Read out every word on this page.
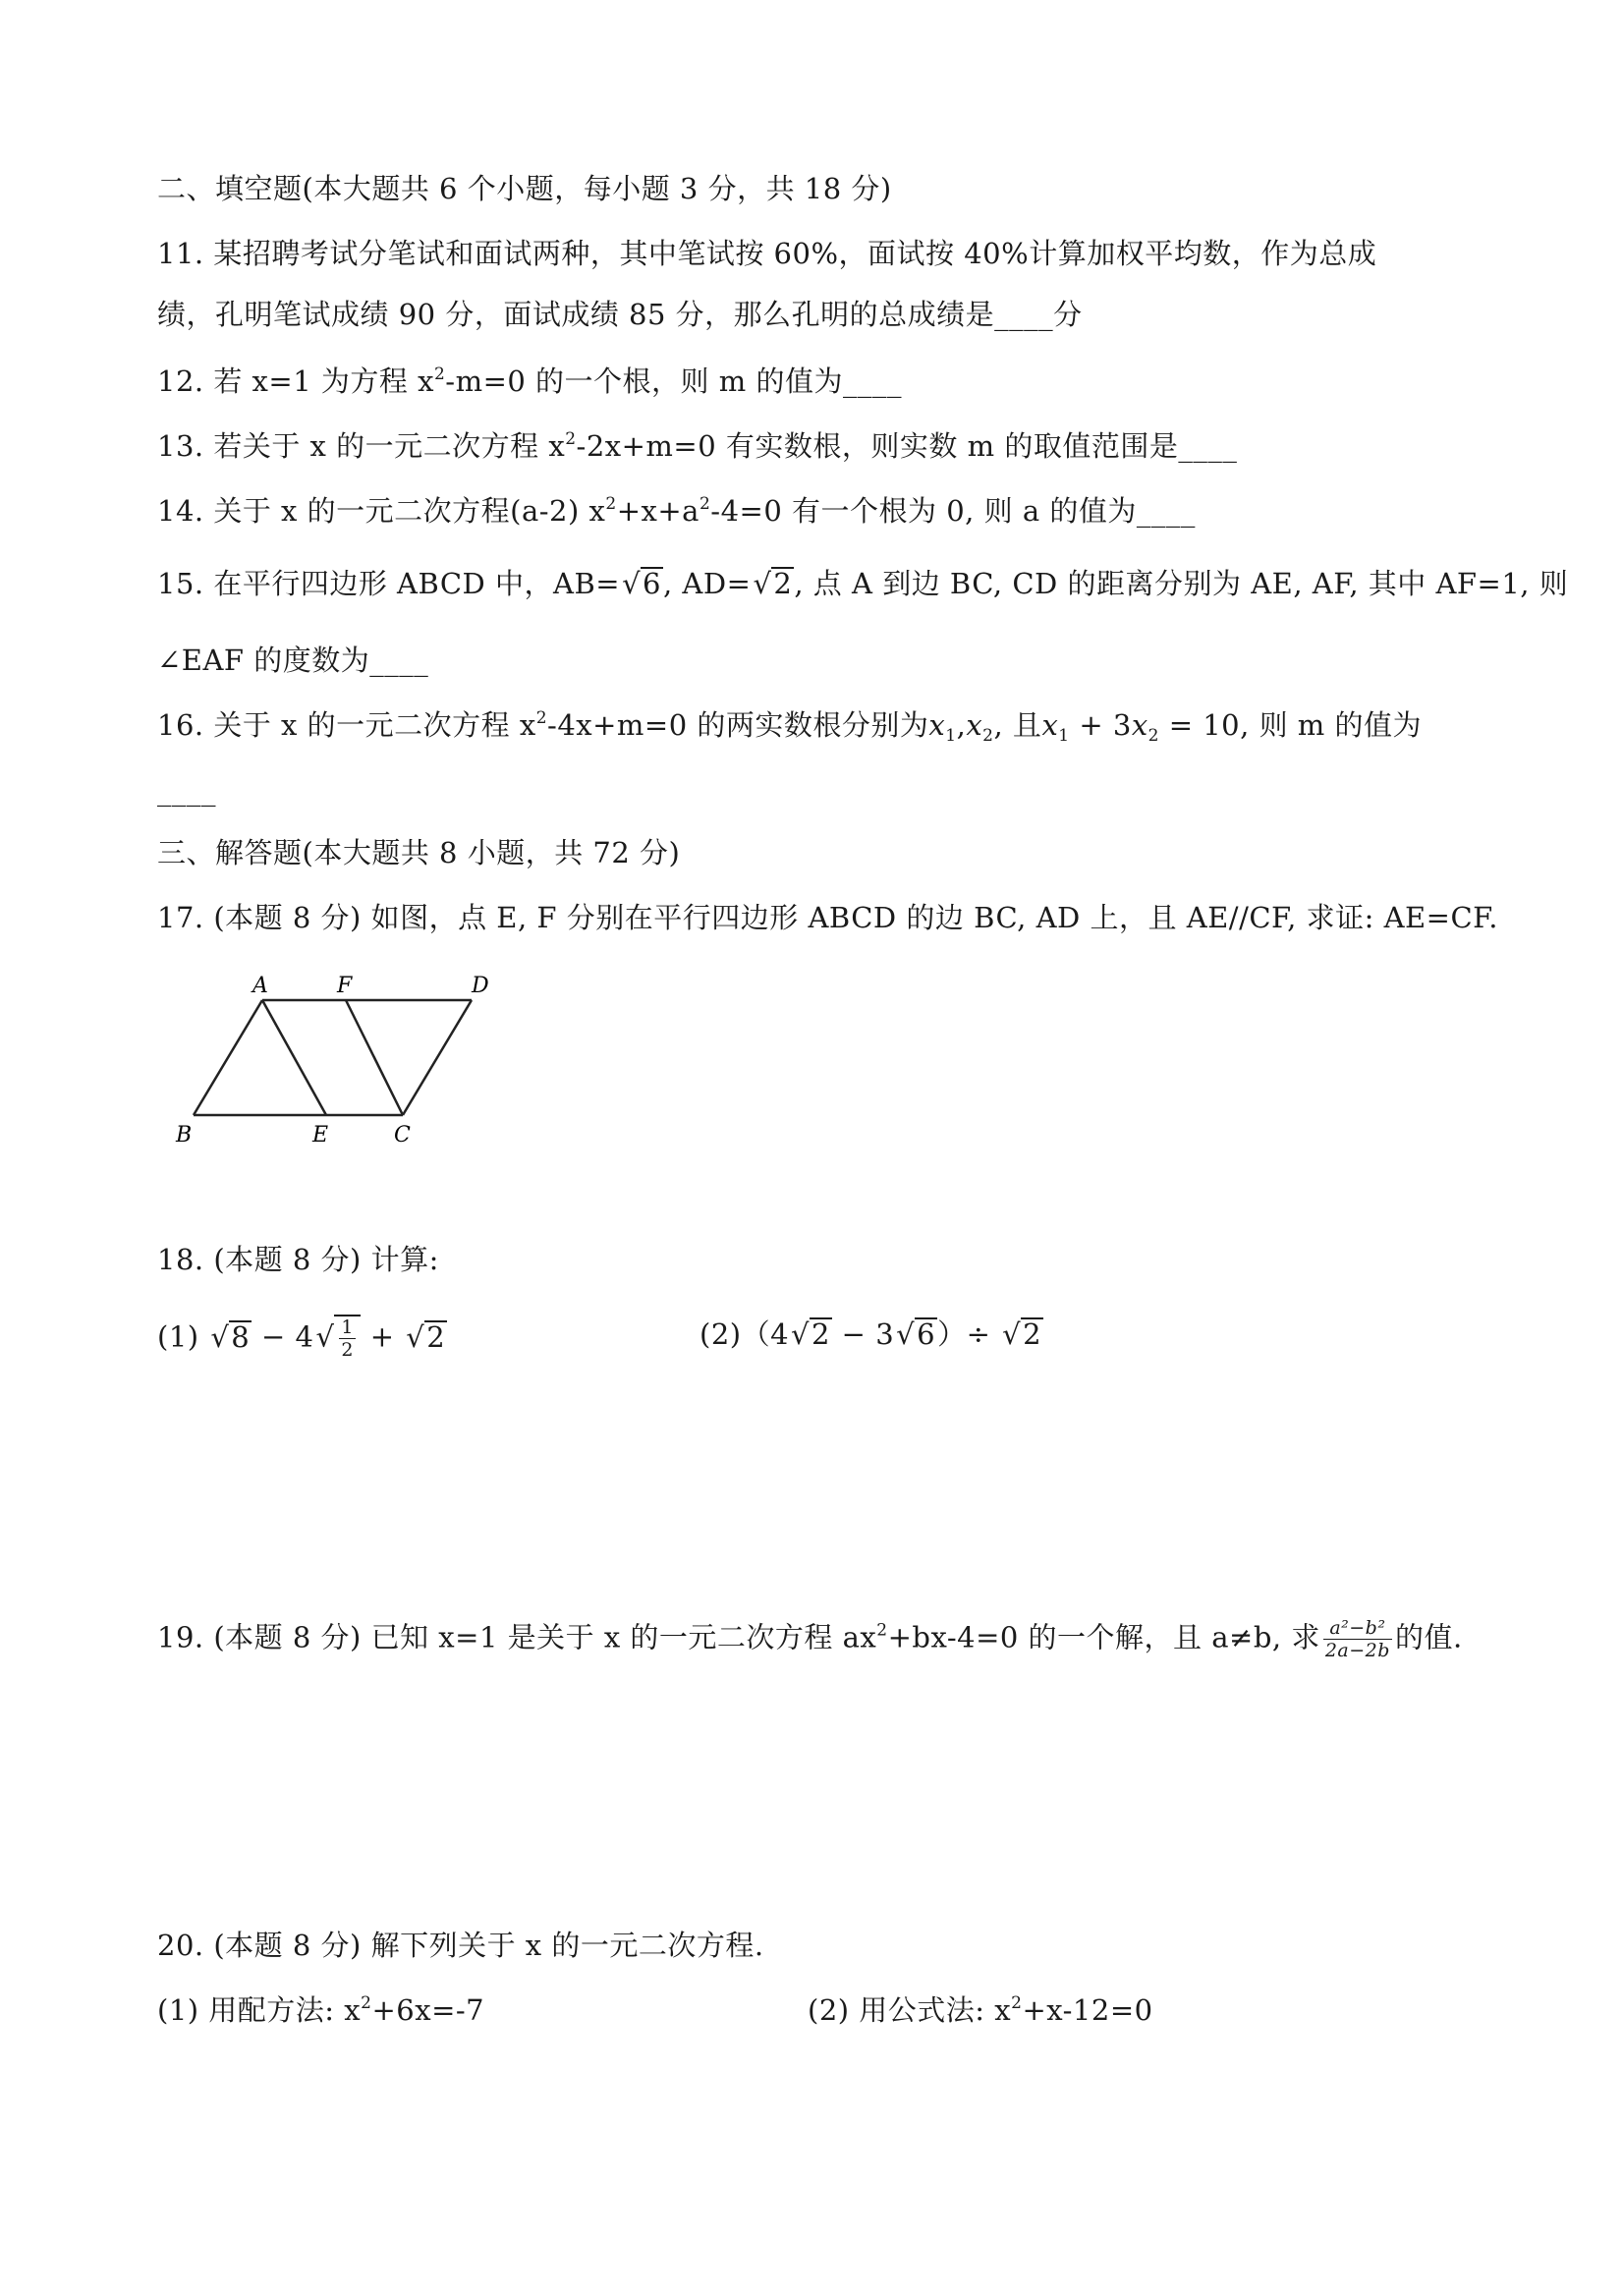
二、填空题(本大题共 6 个小题，每小题 3 分，共 18 分)
11. 某招聘考试分笔试和面试两种，其中笔试按 60%，面试按 40%计算加权平均数，作为总成
绩，孔明笔试成绩 90 分，面试成绩 85 分，那么孔明的总成绩是____分
12. 若 x=1 为方程 $x^2-m=0$ 的一个根，则 m 的值为____
13. 若关于 x 的一元二次方程 $x^2-2x+m=0$ 有实数根，则实数 m 的取值范围是____
14. 关于 x 的一元二次方程(a-2) $x^2+x+a^2-4=0$ 有一个根为 0, 则 a 的值为____
15. 在平行四边形 ABCD 中，AB=√6, AD=√2, 点 A 到边 BC, CD 的距离分别为 AE, AF, 其中 AF=1, 则
∠EAF 的度数为____
16. 关于 x 的一元二次方程 $x^2-4x+m=0$ 的两实数根分别为$x_1,x_2$, 且$x_1 + 3x_2 = 10$, 则 m 的值为
____
三、解答题(本大题共 8 小题，共 72 分)
17. (本题 8 分) 如图，点 E, F 分别在平行四边形 ABCD 的边 BC, AD 上，且 AE//CF, 求证: AE=CF.
A	F	D
B	E	C
18. (本题 8 分) 计算:
(1) $√8 - 4√ \frac{1}{2} + √2$	(2)（4√2 − 3√6）÷ √2
19. (本题 8 分) 已知 x=1 是关于 x 的一元二次方程 $ax^2+bx-4=0$ 的一个解，且 a≠b, 求 $\frac{\text{a²−b²}}{2a-2b}$ 的值.
20. (本题 8 分) 解下列关于 x 的一元二次方程.
(1) 用配方法: $x^2+6x=-7$	(2) 用公式法: $x^2+x-12=0$
